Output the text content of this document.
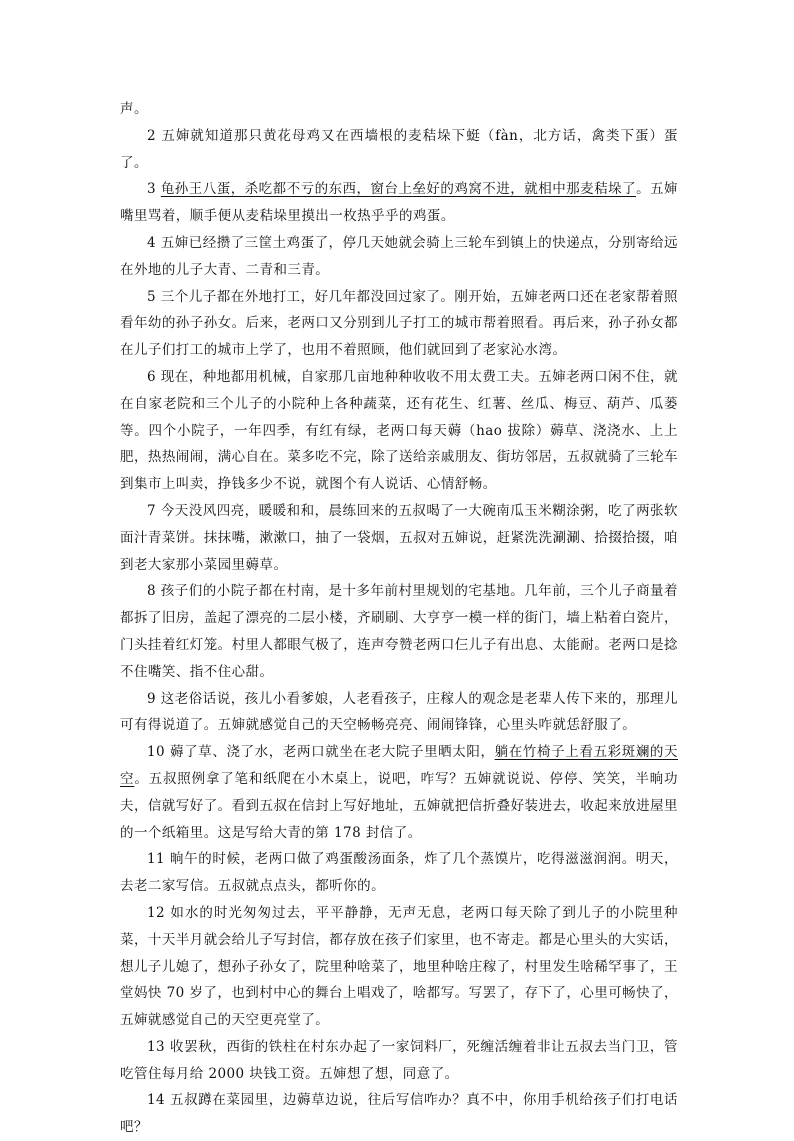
声。

2 五婶就知道那只黄花母鸡又在西墙根的麦秸垛下蜓（fàn，北方话，禽类下蛋）蛋了。

3 龟孙王八蛋，杀吃都不亏的东西，窗台上垒好的鸡窝不进，就相中那麦秸垛了。五婶嘴里骂着，顺手便从麦秸垛里摸出一枚热乎乎的鸡蛋。

4 五婶已经攒了三筐土鸡蛋了，停几天她就会骑上三轮车到镇上的快递点，分别寄给远在外地的儿子大青、二青和三青。

5 三个儿子都在外地打工，好几年都没回过家了。刚开始，五婶老两口还在老家帮着照看年幼的孙子孙女。后来，老两口又分别到儿子打工的城市帮着照看。再后来，孙子孙女都在儿子们打工的城市上学了，也用不着照顾，他们就回到了老家沁水湾。

6 现在，种地都用机械，自家那几亩地种种收收不用太费工夫。五婶老两口闲不住，就在自家老院和三个儿子的小院种上各种蔬菜，还有花生、红薯、丝瓜、梅豆、葫芦、瓜蒌等。四个小院子，一年四季，有红有绿，老两口每天薅（hao 拔除）薅草、浇浇水、上上肥，热热闹闹，满心自在。菜多吃不完，除了送给亲戚朋友、街坊邻居，五叔就骑了三轮车到集市上叫卖，挣钱多少不说，就图个有人说话、心情舒畅。

7 今天没风四亮，暖暖和和，晨练回来的五叔喝了一大碗南瓜玉米糊涂粥，吃了两张软面汁青菜饼。抹抹嘴，漱漱口，抽了一袋烟，五叔对五婶说，赶紧洗洗涮涮、拾掇拾掇，咱到老大家那小菜园里薅草。

8 孩子们的小院子都在村南，是十多年前村里规划的宅基地。几年前，三个儿子商量着都拆了旧房，盖起了漂亮的二层小楼，齐刷刷、大亨亨一模一样的街门，墙上粘着白瓷片，门头挂着红灯笼。村里人都眼气极了，连声夸赞老两口仨儿子有出息、太能耐。老两口是捻不住嘴笑、指不住心甜。

9 这老俗话说，孩儿小看爹娘，人老看孩子，庄稼人的观念是老辈人传下来的，那理儿可有得说道了。五婶就感觉自己的天空畅畅亮亮、闹闹锋锋，心里头咋就恁舒服了。

10 薅了草、浇了水，老两口就坐在老大院子里晒太阳，躺在竹椅子上看五彩斑斓的天空。五叔照例拿了笔和纸爬在小木桌上，说吧，咋写？五婶就说说、停停、笑笑，半晌功夫，信就写好了。看到五叔在信封上写好地址，五婶就把信折叠好装进去，收起来放进屋里的一个纸箱里。这是写给大青的第 178 封信了。

11 晌午的时候，老两口做了鸡蛋酸汤面条，炸了几个蒸馍片，吃得滋滋润润。明天，去老二家写信。五叔就点点头，都听你的。

12 如水的时光匆匆过去，平平静静，无声无息，老两口每天除了到儿子的小院里种菜，十天半月就会给儿子写封信，都存放在孩子们家里，也不寄走。都是心里头的大实话，想儿子儿媳了，想孙子孙女了，院里种啥菜了，地里种啥庄稼了，村里发生啥稀罕事了，王堂妈快 70 岁了，也到村中心的舞台上唱戏了，啥都写。写罢了，存下了，心里可畅快了，五婶就感觉自己的天空更亮堂了。

13 收罢秋，西街的铁柱在村东办起了一家饲料厂，死缠活缠着非让五叔去当门卫，管吃管住每月给 2000 块钱工资。五婶想了想，同意了。

14 五叔蹲在菜园里，边薅草边说，往后写信咋办？真不中，你用手机给孩子们打电话吧？
